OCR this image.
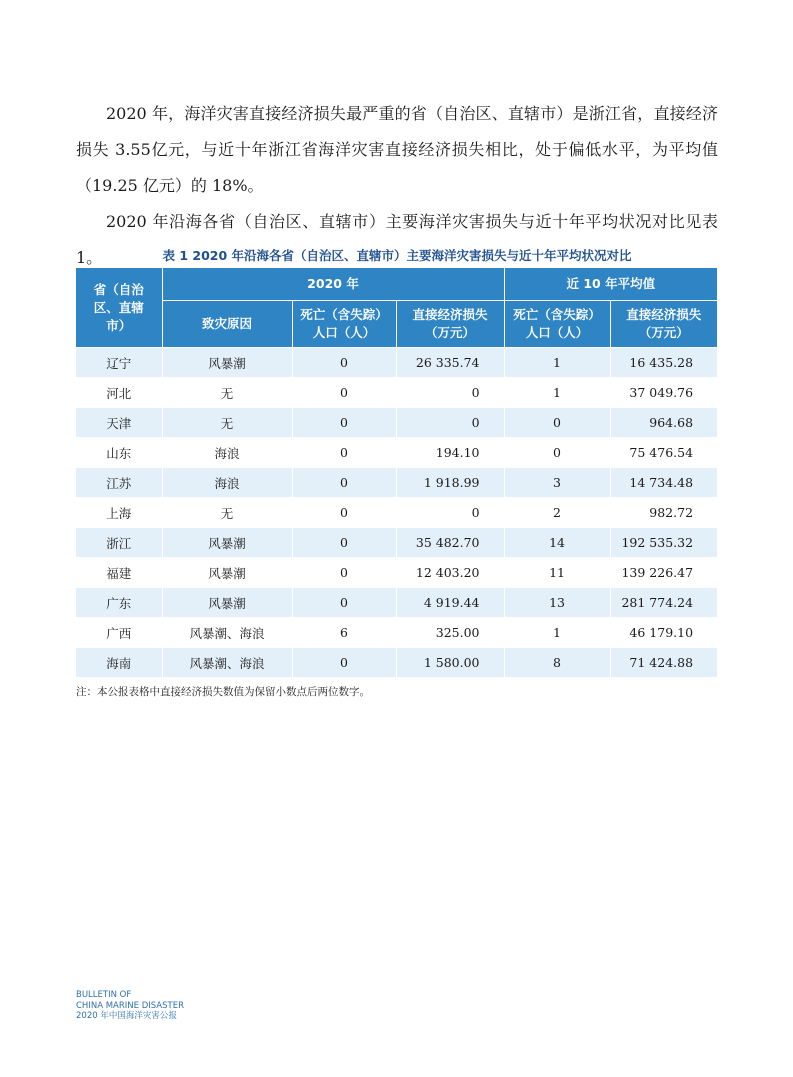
2020 年，海洋灾害直接经济损失最严重的省（自治区、直辖市）是浙江省，直接经济损失 3.55亿元，与近十年浙江省海洋灾害直接经济损失相比，处于偏低水平，为平均值（19.25 亿元）的 18%。

2020 年沿海各省（自治区、直辖市）主要海洋灾害损失与近十年平均状况对比见表 1。	表 1 2020 年沿海各省（自治区、直辖市）主要海洋灾害损失与近十年平均状况对比
省（自治区、直辖市）	2020 年			近 10 年平均值	
	致灾原因	死亡（含失踪）人口（人）	直接经济损失（万元）	死亡（含失踪）人口（人）	直接经济损失（万元）
辽宁	风暴潮	0	26 335.74	1	16 435.28
河北	无	0	0	1	37 049.76
天津	无	0	0	0	964.68
山东	海浪	0	194.10	0	75 476.54
江苏	海浪	0	1 918.99	3	14 734.48
上海	无	0	0	2	982.72
浙江	风暴潮	0	35 482.70	14	192 535.32
福建	风暴潮	0	12 403.20	11	139 226.47
广东	风暴潮	0	4 919.44	13	281 774.24
广西	风暴潮、海浪	6	325.00	1	46 179.10
海南	风暴潮、海浪	0	1 580.00	8	71 424.88
注：本公报表格中直接经济损失数值为保留小数点后两位数字。
BULLETIN OF
CHINA MARINE DISASTER
2020 年中国海洋灾害公报
